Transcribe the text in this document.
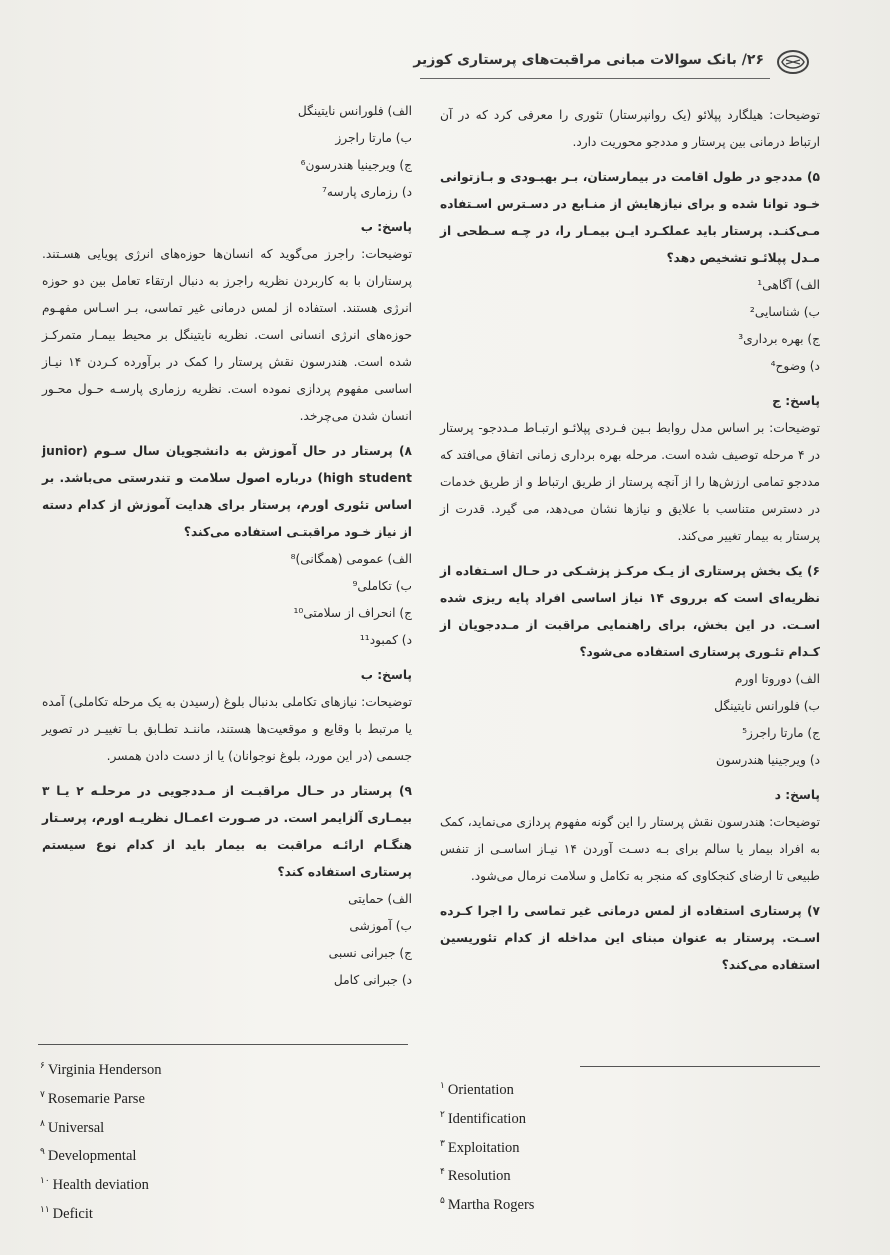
۲۶/ بانک سوالات مبانی مراقبت‌های پرستاری کوزیر

توضیحات: هیلگارد پپلائو (یک روانپرستار) تئوری را معرفی کرد که در آن ارتباط درمانی بین پرستار و مددجو محوریت دارد.

۵) مددجو در طول اقامت در بیمارستان، بـر بهبـودی و بـازتوانی خـود توانا شده و برای نیازهایش از منـابع در دسـترس اسـتفاده مـی‌کنـد. پرستار باید عملکـرد ایـن بیمـار را، در چـه سـطحی از مـدل پپلائـو تشخیص دهد؟

الف) آگاهی¹

ب) شناسایی²

ج) بهره برداری³

د) وضوح⁴

پاسخ: ج

توضیحات: بر اساس مدل روابط بـین فـردی پپلائـو ارتبـاط مـددجو- پرستار در ۴ مرحله توصیف شده است. مرحله بهره برداری زمانی اتفاق می‌افتد که مددجو تمامی ارزش‌ها را از آنچه پرستار از طریق ارتباط و از طریق خدمات در دسترس متناسب با علایق و نیازها نشان می‌دهد، می گیرد. قدرت از پرستار به بیمار تغییر می‌کند.

۶) یک بخش پرستاری از یـک مرکـز پزشـکی در حـال اسـتفاده از نظریه‌ای است که برروی ۱۴ نیاز اساسی افراد پایه ریزی شده اسـت. در این بخش، برای راهنمایی مراقبت از مـددجویان از کـدام تئـوری پرستاری استفاده می‌شود؟

الف) دوروتا اورم

ب) فلورانس نایتینگل

ج) مارتا راجرز⁵

د) ویرجینیا هندرسون

پاسخ: د

توضیحات: هندرسون نقش پرستار را این گونه مفهوم پردازی می‌نماید، کمک به افراد بیمار یا سالم برای بـه دسـت آوردن ۱۴ نیـاز اساسـی از تنفس طبیعی تا ارضای کنجکاوی که منجر به تکامل و سلامت نرمال می‌شود.

۷) پرستاری استفاده از لمس درمانی غیر تماسی را اجرا کـرده اسـت. پرستار به عنوان مبنای این مداخله از کدام تئوریسین استفاده می‌کند؟

الف) فلورانس نایتینگل

ب) مارتا راجرز

ج) ویرجینیا هندرسون⁶

د) رزماری پارسه⁷

پاسخ: ب

توضیحات: راجرز می‌گوید که انسان‌ها حوزه‌های انرژی پویایی هسـتند. پرستاران با به کاربردن نظریه راجرز به دنبال ارتقاء تعامل بین دو حوزه انرژی هستند. استفاده از لمس درمانی غیر تماسی، بـر اسـاس مفهـوم حوزه‌های انرژی انسانی است. نظریه نایتینگل بر محیط بیمـار متمرکـز شده است. هندرسون نقش پرستار را کمک در برآورده کـردن ۱۴ نیـاز اساسی مفهوم پردازی نموده است. نظریه رزماری پارسـه حـول محـور انسان شدن می‌چرخد.

۸) پرستار در حال آموزش به دانشجویان سال سـوم (junior high student) درباره اصول سلامت و تندرستی می‌باشد. بر اساس تئوری اورم، پرستار برای هدایت آموزش از کدام دسته از نیاز خـود مراقبتـی استفاده می‌کند؟

الف) عمومی (همگانی)⁸

ب) تکاملی⁹

ج) انحراف از سلامتی¹⁰

د) کمبود¹¹

پاسخ: ب

توضیحات: نیازهای تکاملی بدنبال بلوغ (رسیدن به یک مرحله تکاملی) آمده یا مرتبط با وقایع و موقعیت‌ها هستند، ماننـد تطـابق بـا تغییـر در تصویر جسمی (در این مورد، بلوغ نوجوانان) یا از دست دادن همسر.

۹) پرستار در حـال مراقبـت از مـددجویی در مرحلـه ۲ یـا ۳ بیمـاری آلزایمر است. در صـورت اعمـال نظریـه اورم، پرسـتار هنگـام ارائـه مراقبت به بیمار باید از کدام نوع سیستم پرستاری استفاده کند؟

الف) حمایتی

ب) آموزشی

ج) جبرانی نسبی

د) جبرانی کامل

$^۶$ Virginia Henderson
$^۷$ Rosemarie Parse
$^۸$ Universal
$^۹$ Developmental
$^{۱۰}$ Health deviation
$^{۱۱}$ Deficit
$^۱$ Orientation
$^۲$ Identification
$^۳$ Exploitation
$^۴$ Resolution
$^۵$ Martha Rogers
